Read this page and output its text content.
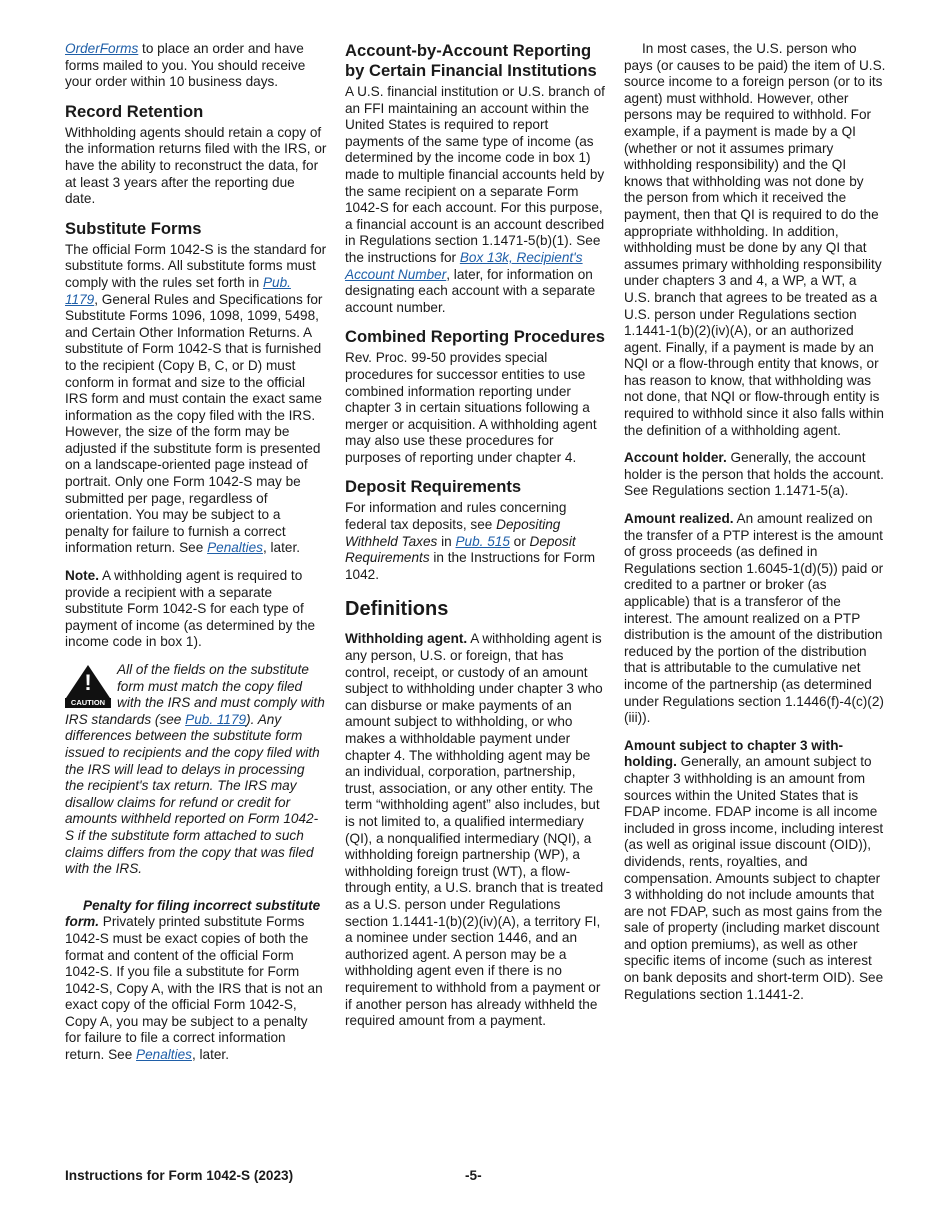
OrderForms to place an order and have forms mailed to you. You should receive your order within 10 business days.

Record Retention

Withholding agents should retain a copy of the information returns filed with the IRS, or have the ability to reconstruct the data, for at least 3 years after the reporting due date.

Substitute Forms

The official Form 1042-S is the standard for substitute forms. All substitute forms must comply with the rules set forth in Pub. 1179, General Rules and Specifications for Substitute Forms 1096, 1098, 1099, 5498, and Certain Other Information Returns. A substitute of Form 1042-S that is furnished to the recipient (Copy B, C, or D) must conform in format and size to the official IRS form and must contain the exact same information as the copy filed with the IRS. However, the size of the form may be adjusted if the substitute form is presented on a landscape-oriented page instead of portrait. Only one Form 1042-S may be submitted per page, regardless of orientation. You may be subject to a penalty for failure to furnish a correct information return. See Penalties, later.

Note. A withholding agent is required to provide a recipient with a separate substitute Form 1042-S for each type of payment of income (as determined by the income code in box 1).

!
CAUTION
All of the fields on the substitute form must match the copy filed with the IRS and must comply with IRS standards (see Pub. 1179). Any differences between the substitute form issued to recipients and the copy filed with the IRS will lead to delays in processing the recipient's tax return. The IRS may disallow claims for refund or credit for amounts withheld reported on Form 1042-S if the substitute form attached to such claims differs from the copy that was filed with the IRS.

Penalty for filing incorrect substitute form. Privately printed substitute Forms 1042-S must be exact copies of both the format and content of the official Form 1042-S. If you file a substitute for Form 1042-S, Copy A, with the IRS that is not an exact copy of the official Form 1042-S, Copy A, you may be subject to a penalty for failure to file a correct information return. See Penalties, later.

Account-by-Account Reporting by Certain Financial Institutions

A U.S. financial institution or U.S. branch of an FFI maintaining an account within the United States is required to report payments of the same type of income (as determined by the income code in box 1) made to multiple financial accounts held by the same recipient on a separate Form 1042-S for each account. For this purpose, a financial account is an account described in Regulations section 1.1471-5(b)(1). See the instructions for Box 13k, Recipient's Account Number, later, for information on designating each account with a separate account number.

Combined Reporting Procedures

Rev. Proc. 99-50 provides special procedures for successor entities to use combined information reporting under chapter 3 in certain situations following a merger or acquisition. A withholding agent may also use these procedures for purposes of reporting under chapter 4.

Deposit Requirements

For information and rules concerning federal tax deposits, see Depositing Withheld Taxes in Pub. 515 or Deposit Requirements in the Instructions for Form 1042.

Definitions

Withholding agent. A withholding agent is any person, U.S. or foreign, that has control, receipt, or custody of an amount subject to withholding under chapter 3 who can disburse or make payments of an amount subject to withholding, or who makes a withholdable payment under chapter 4. The withholding agent may be an individual, corporation, partnership, trust, association, or any other entity. The term “withholding agent” also includes, but is not limited to, a qualified intermediary (QI), a nonqualified intermediary (NQI), a withholding foreign partnership (WP), a withholding foreign trust (WT), a flow-through entity, a U.S. branch that is treated as a U.S. person under Regulations section 1.1441-1(b)(2)(iv)(A), a territory FI, a nominee under section 1446, and an authorized agent. A person may be a withholding agent even if there is no requirement to withhold from a payment or if another person has already withheld the required amount from a payment.

In most cases, the U.S. person who pays (or causes to be paid) the item of U.S. source income to a foreign person (or to its agent) must withhold. However, other persons may be required to withhold. For example, if a payment is made by a QI (whether or not it assumes primary withholding responsibility) and the QI knows that withholding was not done by the person from which it received the payment, then that QI is required to do the appropriate withholding. In addition, withholding must be done by any QI that assumes primary withholding responsibility under chapters 3 and 4, a WP, a WT, a U.S. branch that agrees to be treated as a U.S. person under Regulations section 1.1441-1(b)(2)(iv)(A), or an authorized agent. Finally, if a payment is made by an NQI or a flow-through entity that knows, or has reason to know, that withholding was not done, that NQI or flow-through entity is required to withhold since it also falls within the definition of a withholding agent.

Account holder. Generally, the account holder is the person that holds the account. See Regulations section 1.1471-5(a).

Amount realized. An amount realized on the transfer of a PTP interest is the amount of gross proceeds (as defined in Regulations section 1.6045-1(d)(5)) paid or credited to a partner or broker (as applicable) that is a transferor of the interest. The amount realized on a PTP distribution is the amount of the distribution reduced by the portion of the distribution that is attributable to the cumulative net income of the partnership (as determined under Regulations section 1.1446(f)-4(c)(2)(iii)).

Amount subject to chapter 3 with-holding. Generally, an amount subject to chapter 3 withholding is an amount from sources within the United States that is FDAP income. FDAP income is all income included in gross income, including interest (as well as original issue discount (OID)), dividends, rents, royalties, and compensation. Amounts subject to chapter 3 withholding do not include amounts that are not FDAP, such as most gains from the sale of property (including market discount and option premiums), as well as other specific items of income (such as interest on bank deposits and short-term OID). See Regulations section 1.1441-2.

Instructions for Form 1042-S (2023)	-5-
